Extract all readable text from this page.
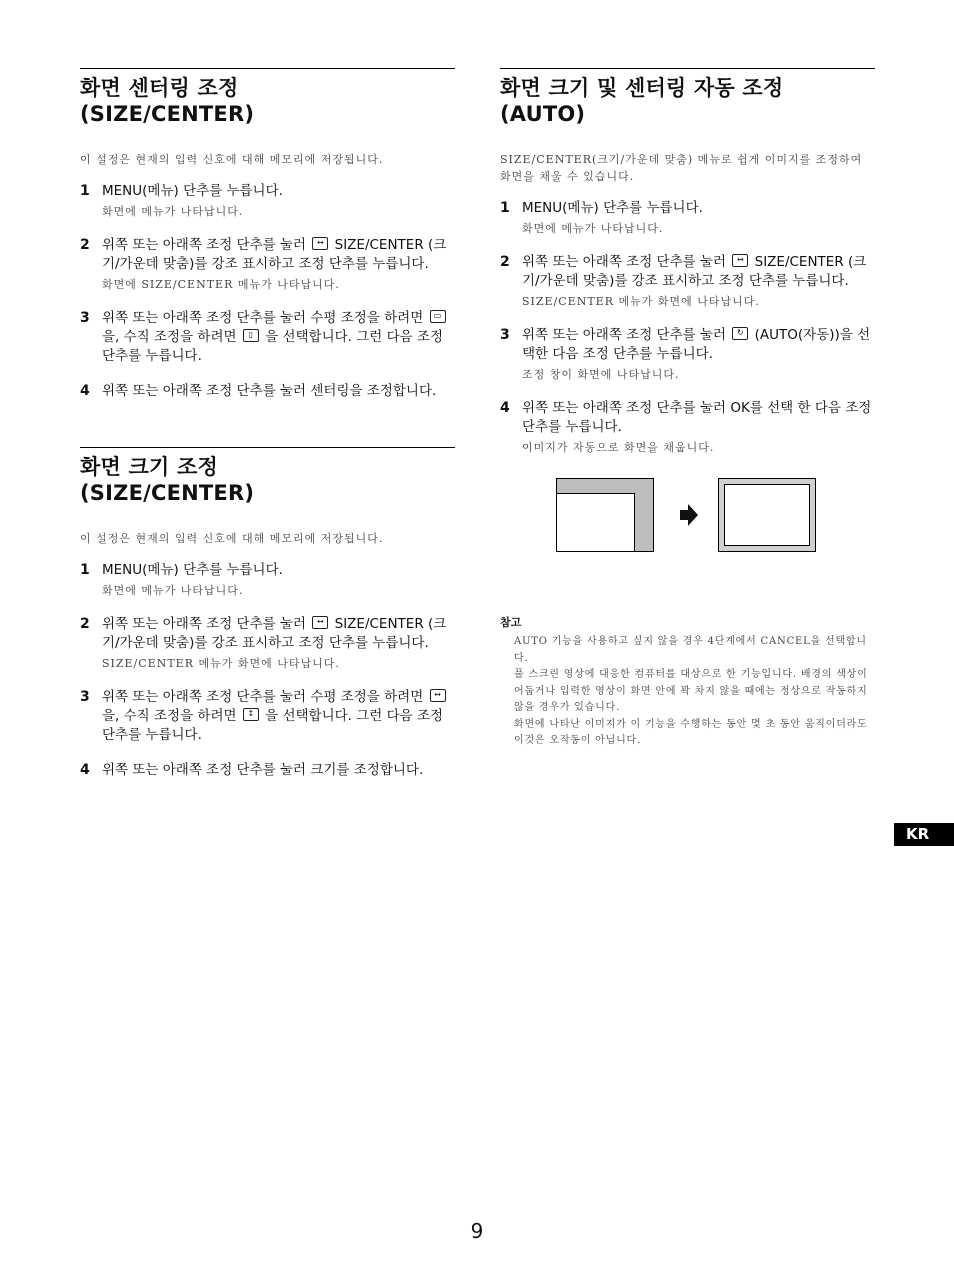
화면 센터링 조정
(SIZE/CENTER)

이 설정은 현재의 입력 신호에 대해 메모리에 저장됩니다.

1 MENU(메뉴) 단추를 누릅니다.

화면에 메뉴가 나타납니다.

2 위쪽 또는 아래쪽 조정 단추를 눌러 ↔ SIZE/CENTER (크기/가운데 맞춤)를 강조 표시하고 조정 단추를 누릅니다.

화면에 SIZE/CENTER 메뉴가 나타납니다.

3 위쪽 또는 아래쪽 조정 단추를 눌러 수평 조정을 하려면 ▭ 을, 수직 조정을 하려면 ▯ 을 선택합니다. 그런 다음 조정 단추를 누릅니다.

4 위쪽 또는 아래쪽 조정 단추를 눌러 센터링을 조정합니다.

화면 크기 조정
(SIZE/CENTER)

이 설정은 현재의 입력 신호에 대해 메모리에 저장됩니다.

1 MENU(메뉴) 단추를 누릅니다.

화면에 메뉴가 나타납니다.

2 위쪽 또는 아래쪽 조정 단추를 눌러 ↔ SIZE/CENTER (크기/가운데 맞춤)를 강조 표시하고 조정 단추를 누릅니다.

SIZE/CENTER 메뉴가 화면에 나타납니다.

3 위쪽 또는 아래쪽 조정 단추를 눌러 수평 조정을 하려면 ↔ 을, 수직 조정을 하려면 ↕ 을 선택합니다. 그런 다음 조정 단추를 누릅니다.

4 위쪽 또는 아래쪽 조정 단추를 눌러 크기를 조정합니다.

화면 크기 및 센터링 자동 조정
(AUTO)

SIZE/CENTER(크기/가운데 맞춤) 메뉴로 쉽게 이미지를 조정하여 화면을 채울 수 있습니다.

1 MENU(메뉴) 단추를 누릅니다.

화면에 메뉴가 나타납니다.

2 위쪽 또는 아래쪽 조정 단추를 눌러 ↔ SIZE/CENTER (크기/가운데 맞춤)를 강조 표시하고 조정 단추를 누릅니다.

SIZE/CENTER 메뉴가 화면에 나타납니다.

3 위쪽 또는 아래쪽 조정 단추를 눌러 ↻ (AUTO(자동))을 선택한 다음 조정 단추를 누릅니다.

조정 창이 화면에 나타납니다.

4 위쪽 또는 아래쪽 조정 단추를 눌러 OK를 선택 한 다음 조정 단추를 누릅니다.

이미지가 자동으로 화면을 채웁니다.

참고

AUTO 기능을 사용하고 싶지 않을 경우 4단계에서 CANCEL을 선택합니다.

풀 스크린 영상에 대응한 컴퓨터를 대상으로 한 기능입니다. 배경의 색상이 어둡거나 입력한 영상이 화면 안에 꽉 차지 않을 때에는 정상으로 작동하지 않을 경우가 있습니다.

화면에 나타난 이미지가 이 기능을 수행하는 동안 몇 초 동안 움직이더라도 이것은 오작동이 아닙니다.

KR
9
